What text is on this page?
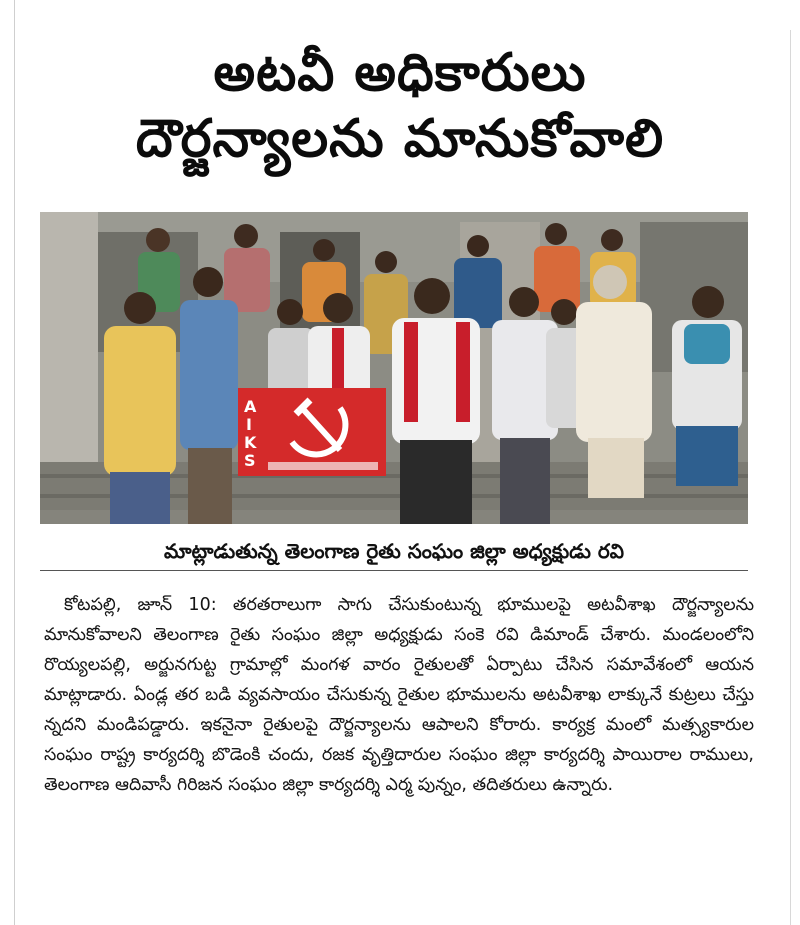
అటవీ అధికారులు
దౌర్జన్యాలను మానుకోవాలి
A
I
K
S
మాట్లాడుతున్న తెలంగాణ రైతు సంఘం జిల్లా అధ్యక్షుడు రవి
కోటపల్లి, జూన్ 10: తరతరాలుగా సాగు చేసుకుంటున్న భూములపై అటవీశాఖ దౌర్జన్యాలను మానుకోవాలని తెలంగాణ రైతు సంఘం జిల్లా అధ్యక్షుడు సంకె రవి డిమాండ్ చేశారు. మండలంలోని రొయ్యలపల్లి, అర్జునగుట్ట గ్రామాల్లో మంగళ వారం రైతులతో ఏర్పాటు చేసిన సమావేశంలో ఆయన మాట్లాడారు. ఏండ్ల తర బడి వ్యవసాయం చేసుకున్న రైతుల భూములను అటవీశాఖ లాక్కునే కుట్రలు చేస్తు న్నదని మండిపడ్డారు. ఇకనైనా రైతులపై దౌర్జన్యాలను ఆపాలని కోరారు. కార్యక్ర మంలో మత్స్యకారుల సంఘం రాష్ట్ర కార్యదర్శి బొడెంకి చందు, రజక వృత్తిదారుల సంఘం జిల్లా కార్యదర్శి పాయిరాల రాములు, తెలంగాణ ఆదివాసీ గిరిజన సంఘం జిల్లా కార్యదర్శి ఎర్మ పున్నం, తదితరులు ఉన్నారు.
